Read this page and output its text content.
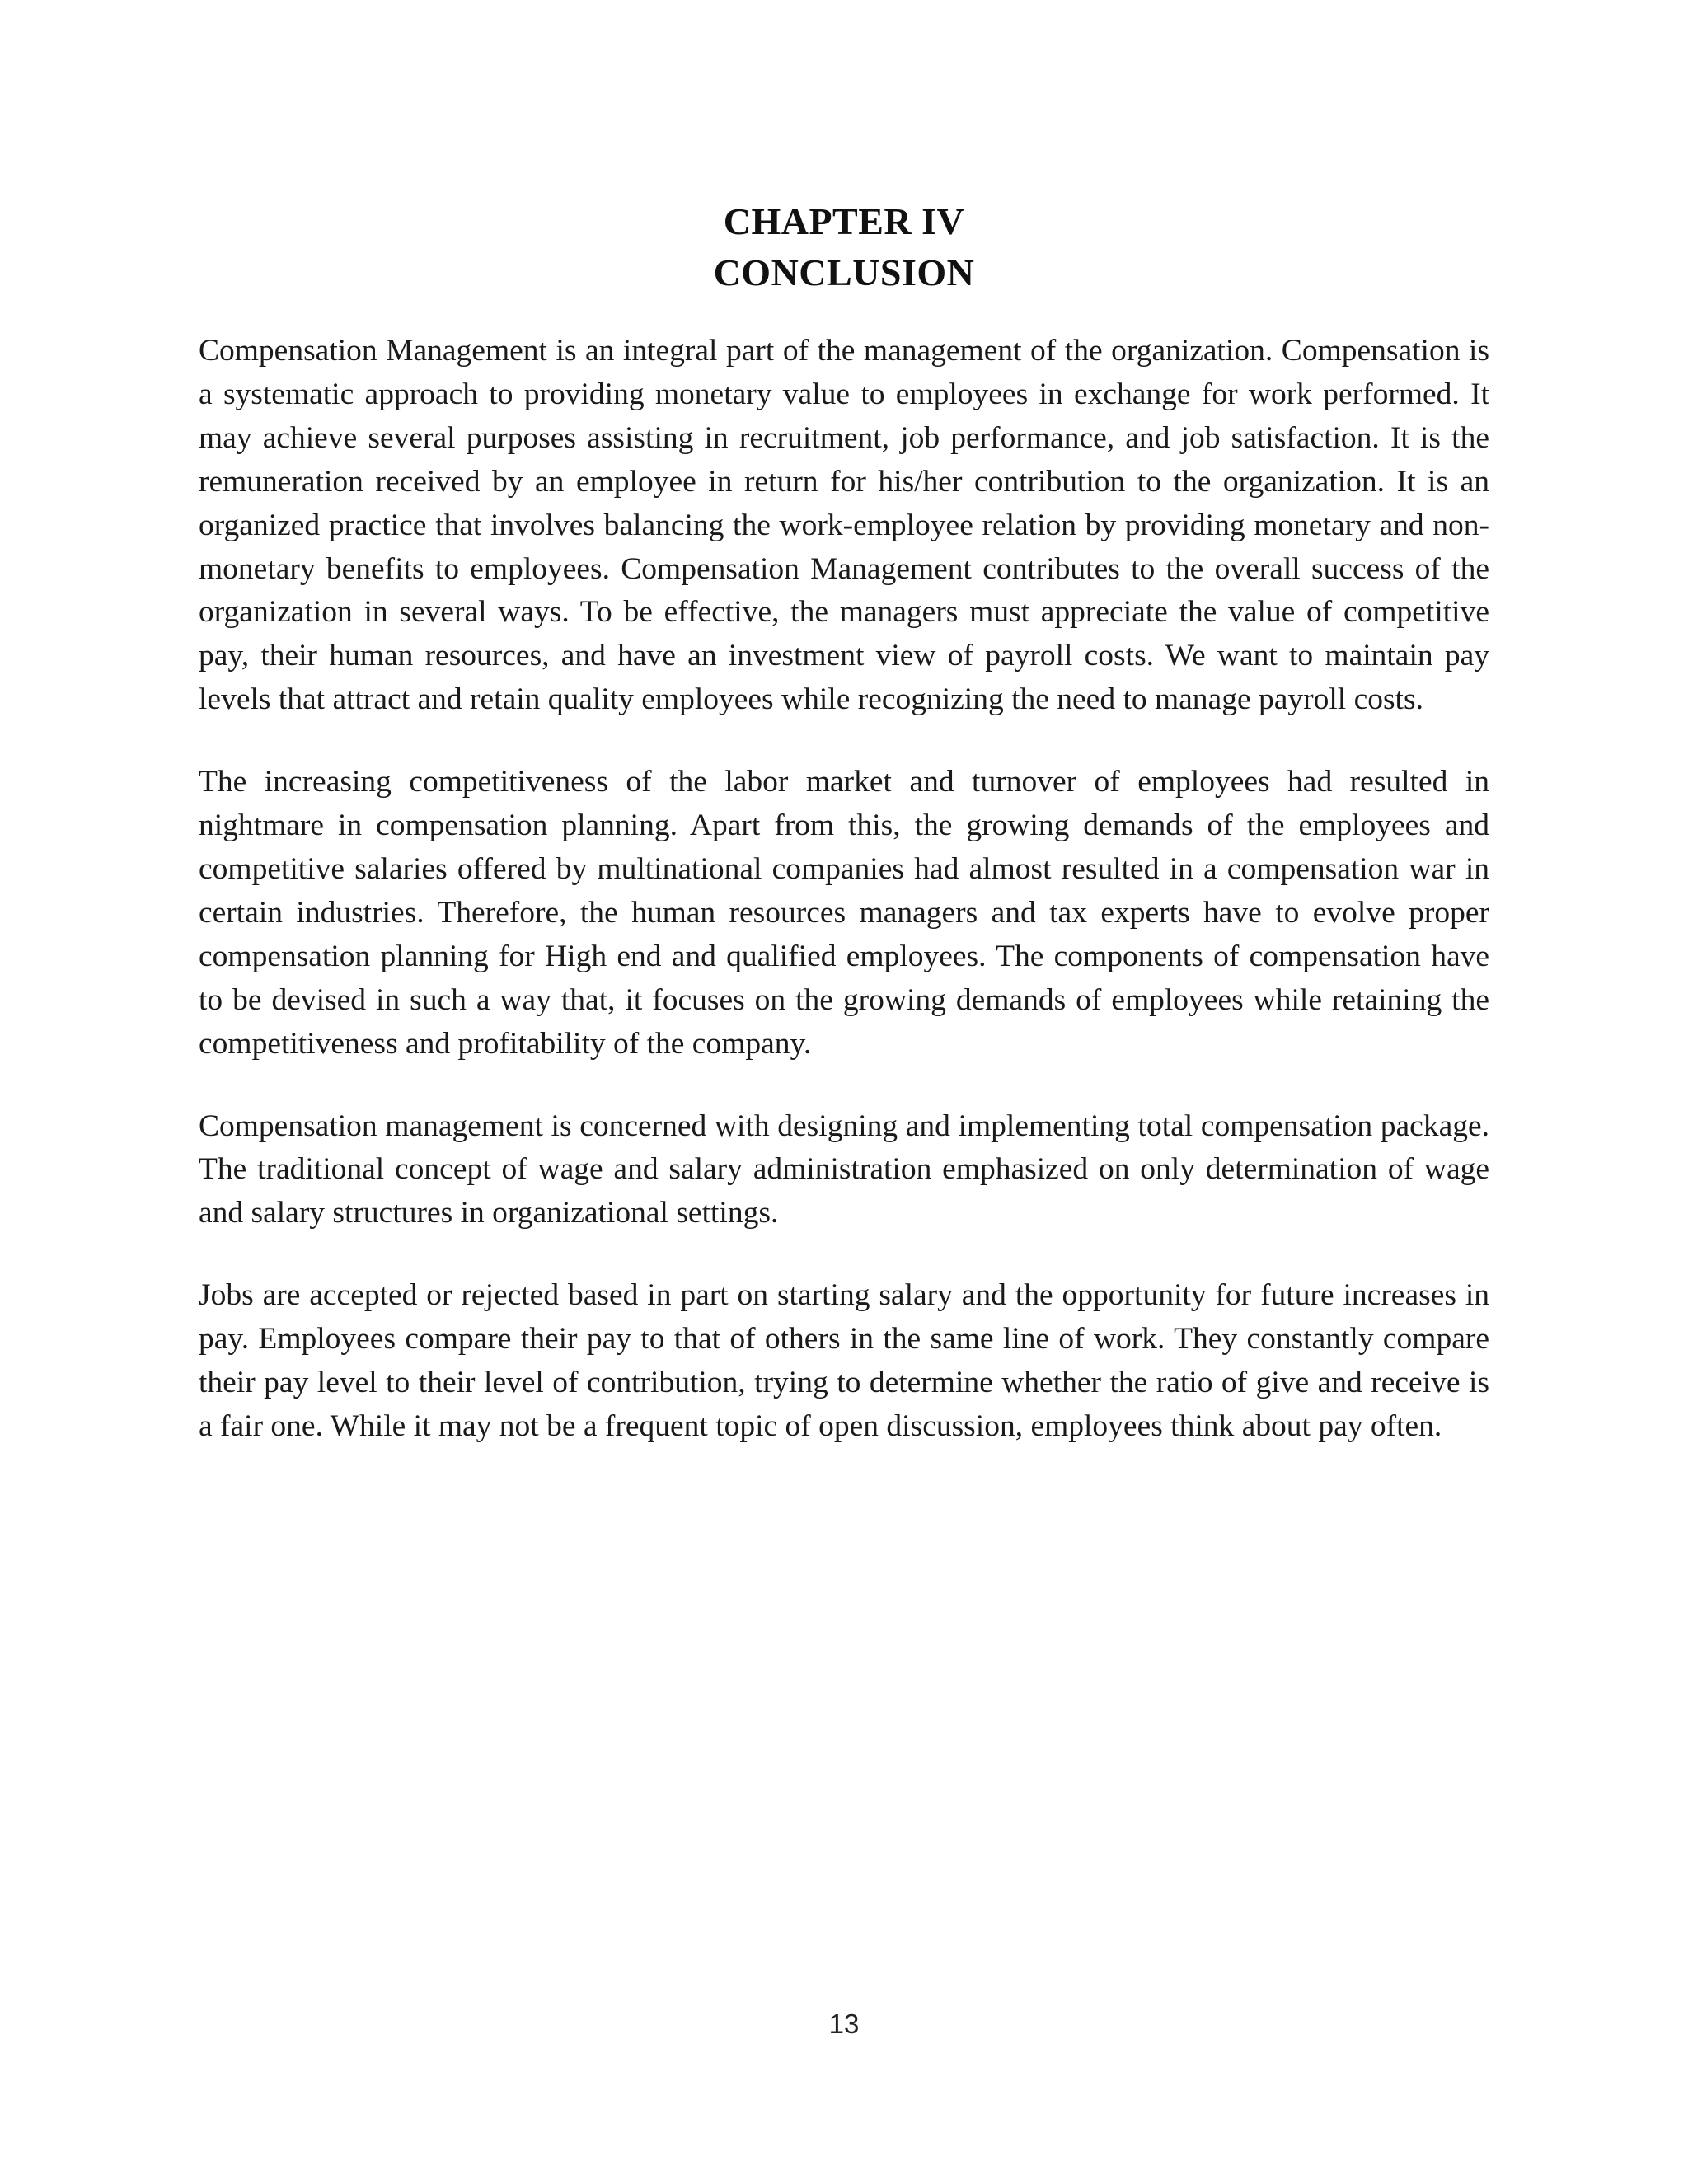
CHAPTER IV
CONCLUSION

Compensation Management is an integral part of the management of the organization. Compensation is a systematic approach to providing monetary value to employees in exchange for work performed. It may achieve several purposes assisting in recruitment, job performance, and job satisfaction. It is the remuneration received by an employee in return for his/her contribution to the organization. It is an organized practice that involves balancing the work-employee relation by providing monetary and non-monetary benefits to employees. Compensation Management contributes to the overall success of the organization in several ways. To be effective, the managers must appreciate the value of competitive pay, their human resources, and have an investment view of payroll costs. We want to maintain pay levels that attract and retain quality employees while recognizing the need to manage payroll costs.

The increasing competitiveness of the labor market and turnover of employees had resulted in nightmare in compensation planning. Apart from this, the growing demands of the employees and competitive salaries offered by multinational companies had almost resulted in a compensation war in certain industries. Therefore, the human resources managers and tax experts have to evolve proper compensation planning for High end and qualified employees. The components of compensation have to be devised in such a way that, it focuses on the growing demands of employees while retaining the competitiveness and profitability of the company.

Compensation management is concerned with designing and implementing total compensation package. The traditional concept of wage and salary administration emphasized on only determination of wage and salary structures in organizational settings.

Jobs are accepted or rejected based in part on starting salary and the opportunity for future increases in pay. Employees compare their pay to that of others in the same line of work. They constantly compare their pay level to their level of contribution, trying to determine whether the ratio of give and receive is a fair one. While it may not be a frequent topic of open discussion, employees think about pay often.

13
